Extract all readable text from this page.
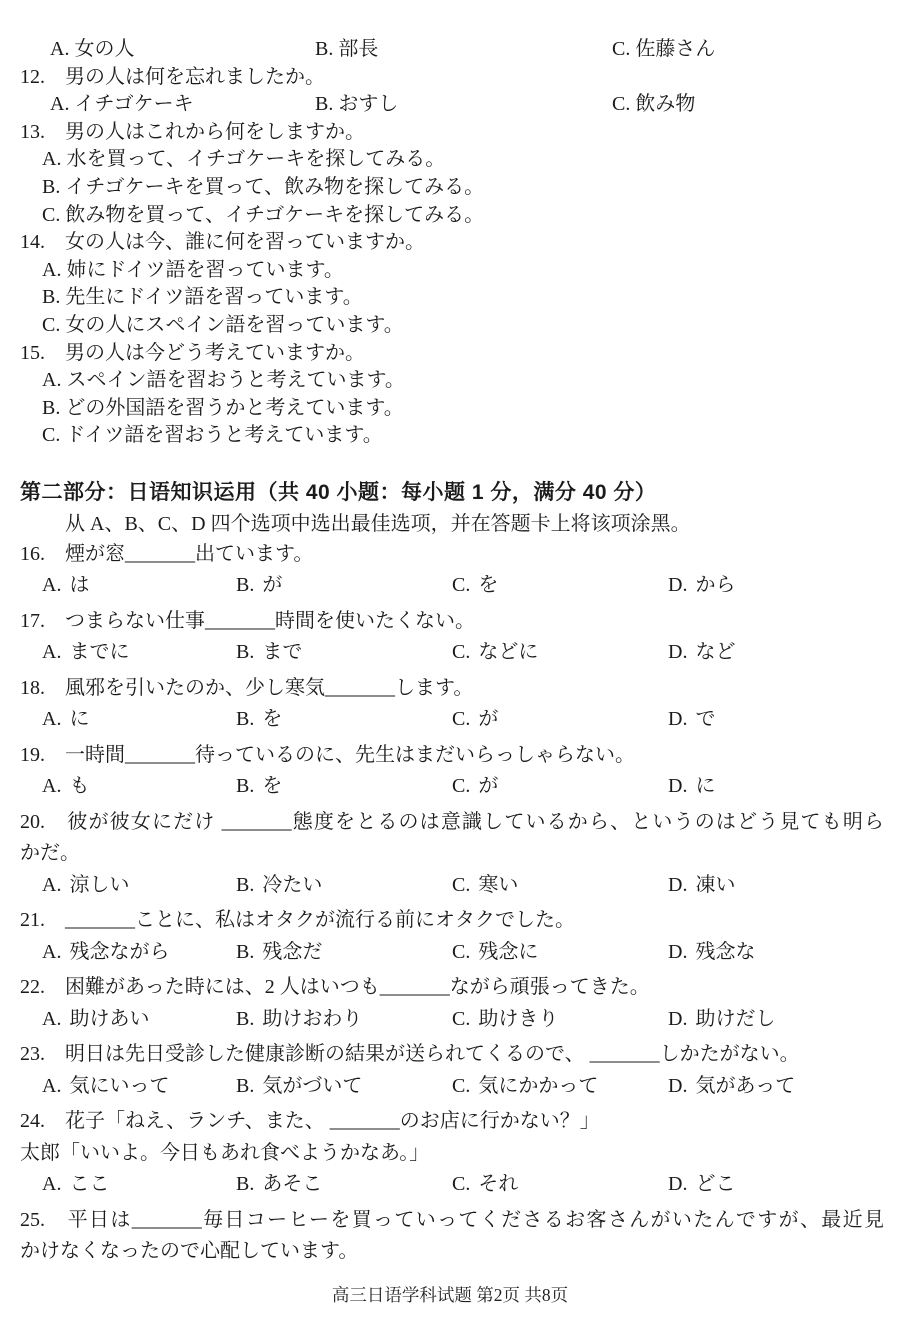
A. 女の人	B. 部長	C. 佐藤さん
12.　男の人は何を忘れましたか。
A. イチゴケーキ	B. おすし	C. 飲み物
13.　男の人はこれから何をしますか。
A. 水を買って、イチゴケーキを探してみる。
B. イチゴケーキを買って、飲み物を探してみる。
C. 飲み物を買って、イチゴケーキを探してみる。
14.　女の人は今、誰に何を習っていますか。
A. 姉にドイツ語を習っています。
B. 先生にドイツ語を習っています。
C. 女の人にスペイン語を習っています。
15.　男の人は今どう考えていますか。
A. スペイン語を習おうと考えています。
B. どの外国語を習うかと考えています。
C. ドイツ語を習おうと考えています。
第二部分：日语知识运用（共 40 小题：每小题 1 分，满分 40 分）
从 A、B、C、D 四个选项中选出最佳选项，并在答题卡上将该项涂黑。
16.　煙が窓_______出ています。
A. は	B. が	C. を	D. から
17.　つまらない仕事_______時間を使いたくない。
A. までに	B. まで	C. などに	D. など
18.　風邪を引いたのか、少し寒気_______します。
A. に	B. を	C. が	D. で
19.　一時間_______待っているのに、先生はまだいらっしゃらない。
A. も	B. を	C. が	D. に
20.　彼が彼女にだけ _______態度をとるのは意識しているから、というのはどう見ても明ら
かだ。
A. 涼しい	B. 冷たい	C. 寒い	D. 凍い
21.　_______ことに、私はオタクが流行る前にオタクでした。
A. 残念ながら	B. 残念だ	C. 残念に	D. 残念な
22.　困難があった時には、2 人はいつも_______ながら頑張ってきた。
A. 助けあい	B. 助けおわり	C. 助けきり	D. 助けだし
23.　明日は先日受診した健康診断の結果が送られてくるので、 _______しかたがない。
A. 気にいって	B. 気がづいて	C. 気にかかって	D. 気があって
24.　花子「ねえ、ランチ、また、 _______のお店に行かない？」
太郎「いいよ。今日もあれ食べようかなあ。」
A. ここ	B. あそこ	C. それ	D. どこ
25.　平日は_______毎日コーヒーを買っていってくださるお客さんがいたんですが、最近見
かけなくなったので心配しています。
高三日语学科试题 第2页 共8页
